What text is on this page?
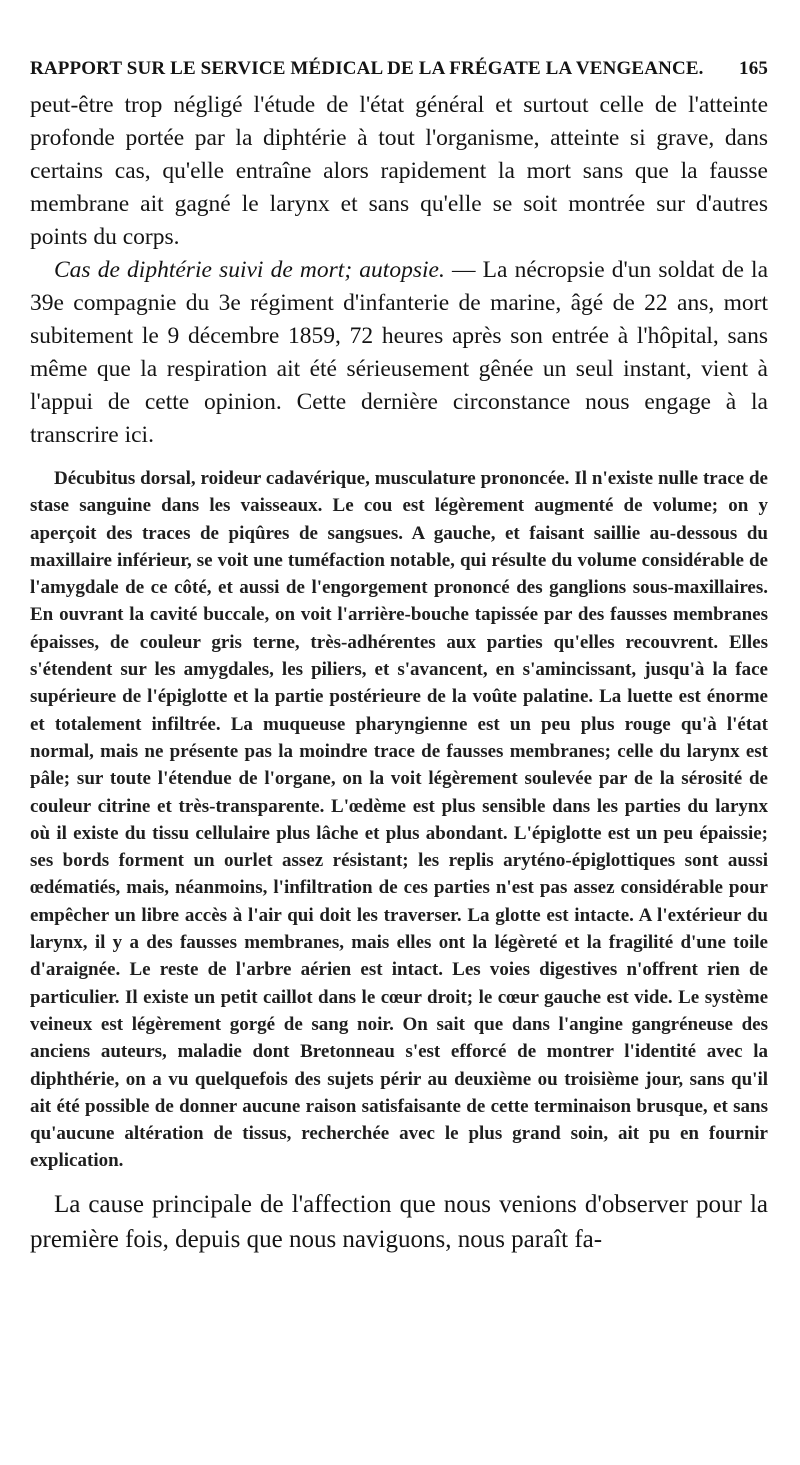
RAPPORT SUR LE SERVICE MÉDICAL DE LA FRÉGATE LA VENGEANCE. 165

peut-être trop négligé l'étude de l'état général et surtout celle de l'atteinte profonde portée par la diphtérie à tout l'organisme, atteinte si grave, dans certains cas, qu'elle entraîne alors rapidement la mort sans que la fausse membrane ait gagné le larynx et sans qu'elle se soit montrée sur d'autres points du corps.

Cas de diphtérie suivi de mort; autopsie. — La nécropsie d'un soldat de la 39e compagnie du 3e régiment d'infanterie de marine, âgé de 22 ans, mort subitement le 9 décembre 1859, 72 heures après son entrée à l'hôpital, sans même que la respiration ait été sérieusement gênée un seul instant, vient à l'appui de cette opinion. Cette dernière circonstance nous engage à la transcrire ici.

Décubitus dorsal, roideur cadavérique, musculature prononcée. Il n'existe nulle trace de stase sanguine dans les vaisseaux. Le cou est légèrement augmenté de volume; on y aperçoit des traces de piqûres de sangsues. A gauche, et faisant saillie au-dessous du maxillaire inférieur, se voit une tuméfaction notable, qui résulte du volume considérable de l'amygdale de ce côté, et aussi de l'engorgement prononcé des ganglions sous-maxillaires. En ouvrant la cavité buccale, on voit l'arrière-bouche tapissée par des fausses membranes épaisses, de couleur gris terne, très-adhérentes aux parties qu'elles recouvrent. Elles s'étendent sur les amygdales, les piliers, et s'avancent, en s'amincissant, jusqu'à la face supérieure de l'épiglotte et la partie postérieure de la voûte palatine. La luette est énorme et totalement infiltrée. La muqueuse pharyngienne est un peu plus rouge qu'à l'état normal, mais ne présente pas la moindre trace de fausses membranes; celle du larynx est pâle; sur toute l'étendue de l'organe, on la voit légèrement soulevée par de la sérosité de couleur citrine et très-transparente. L'œdème est plus sensible dans les parties du larynx où il existe du tissu cellulaire plus lâche et plus abondant. L'épiglotte est un peu épaissie; ses bords forment un ourlet assez résistant; les replis aryténo-épiglottiques sont aussi œdématiés, mais, néanmoins, l'infiltration de ces parties n'est pas assez considérable pour empêcher un libre accès à l'air qui doit les traverser. La glotte est intacte. A l'extérieur du larynx, il y a des fausses membranes, mais elles ont la légèreté et la fragilité d'une toile d'araignée. Le reste de l'arbre aérien est intact. Les voies digestives n'offrent rien de particulier. Il existe un petit caillot dans le cœur droit; le cœur gauche est vide. Le système veineux est légèrement gorgé de sang noir. On sait que dans l'angine gangréneuse des anciens auteurs, maladie dont Bretonneau s'est efforcé de montrer l'identité avec la diphthérie, on a vu quelquefois des sujets périr au deuxième ou troisième jour, sans qu'il ait été possible de donner aucune raison satisfaisante de cette terminaison brusque, et sans qu'aucune altération de tissus, recherchée avec le plus grand soin, ait pu en fournir explication.

La cause principale de l'affection que nous venions d'observer pour la première fois, depuis que nous naviguons, nous paraît fa-
